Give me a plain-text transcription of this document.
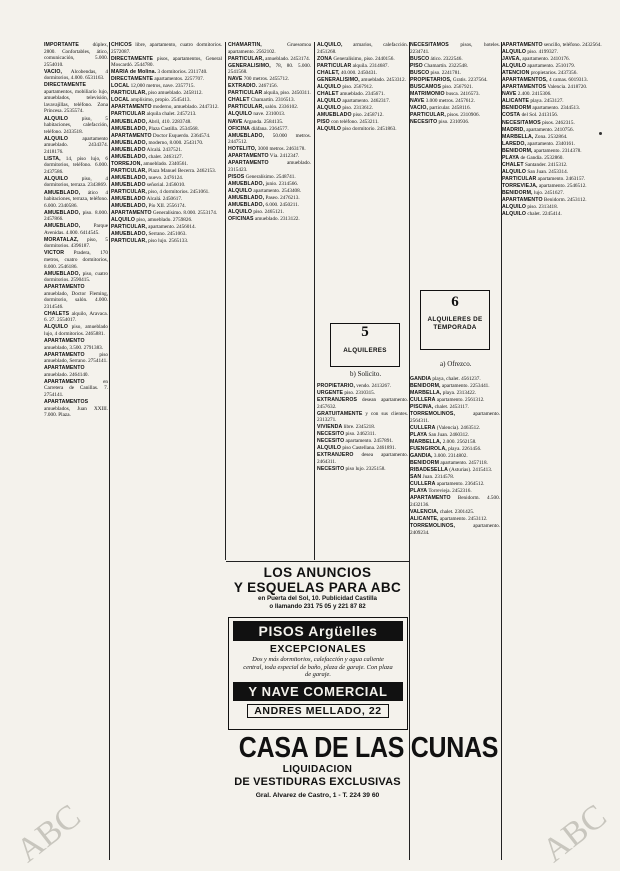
IMPORTANTE	dúplex, 2800. Confortables, ático, comunicación, 5.000. 2554010.

VACIO, Alcobendas, 4 dormitorios, 4.000. 6531163.

DIRECTAMENTE apartamentos, mobiliario lujo, amueblados, televisión, lavavajillas, teléfono. Zona Princesa. 2535574.

ALQUILO	piso, 5 habitaciones, calefacción, teléfono. 2433518.

ALQUILO	apartamento amueblado. 2434374. 2418176.

LISTA, 14, piso lujo, 6 dormitorios, teléfono. 6.000. 2437586.

ALQUILO	piso, 4 dormitorios, terraza. 2343869.

AMUEBLADO, ático 4 habitaciones, terraza, teléfono. 6.000. 2340586.

AMUEBLADO, piso. 8.000. 2457866.

AMUEBLADO,	Parque Avenidas. 4.000. 6414545.

MORATALAZ, piso, 5 dormitorios. 4396187.

VICTOR Pradera, 170 metros, cuatro dormitorios, 8.000. 2546186.

AMUEBLADO, piso, cuatro dormitorios. 2590415.

APARTAMENTO amueblado, Doctor Fleming, dormitorio, salón. 4.000. 2314546.

CHALETS alquilo, Aravaca. 6. 27. 2554017.

ALQUILO piso, amueblado lujo, 4 dormitorios. 2465881.

APARTAMENTO amueblado, 3.500. 2791383.

APARTAMENTO	piso amueblado, Serrano. 2754141.

APARTAMENTO amueblado. 2464140.

APARTAMENTO	en Carretera de Canillas. 7. 2754141.

APARTAMENTOS amueblados, Juan XXIII. 7.000. Plaza.

CHICOS libre, apartamento, cuatro dormitorios. 2572087.

DIRECTAMENTE pisos, apartamentos, General Moscardó. 2544780.

MARIA de Molina. 3 dormitorios. 2311740.

DIRECTAMENTE apartamentos. 2257707.

LOCAL 12,000 metros, nave. 2357715.

PARTICULAR, piso amueblado. 2458112.

LOCAL amplísimo, propio. 2545413.

APARTAMENTO moderno, amueblado. 2447312.

PARTICULAR alquila chalet. 2457213.

AMUEBLADO, Abril, 410. 2283748.

AMUEBLADO, Plaza Castilla. 2534568.

APARTAMENTO Doctor Esquerdo. 2364574.

AMUEBLADO, moderno, 8.000. 2543170.

AMUEBLADO Alcalá. 2437521.

AMUEBLADO, chalet. 2463127.

TORREJON, amueblado. 2340561.

PARTICULAR, Plaza Manuel Becerra. 2462153.

AMUEBLADO, nuevo. 2476124.

AMUEBLADO señorial. 2456010.

PARTICULAR, piso, 4 dormitorios. 2451061.

AMUEBLADO Alcalá. 2450617.

AMUEBLADO, Pío XII. 2556174.

APARTAMENTO Generalísimo. 8.000. 2553174.

ALQUILO piso, amueblado. 2759826.

PARTICULAR, apartamento. 2456014.

AMUEBLADO, Serrano. 2451063.

PARTICULAR, piso lujo. 2565133.

CHAMARTIN,	Gruesomoa apartamento. 2562102.

PARTICULAR, amueblado. 2453174.

GENERALISIMO, 78, 80. 5.000. 2541568.

NAVE 700 metros. 2455712.

EXTRADIO. 2467156.

PARTICULAR alquila, piso. 2450311.

CHALET Chamartín. 2316513.

PARTICULAR, salón. 2336102.

ALQUILO nave. 2310013.

NAVE Arganda. 2584135.

OFICINA diáfana. 2364577.

AMUEBLADO, 50.000 metros. 2447512.

HOTELITO, 3000 metros. 2463178.

APARTAMENTO Vía. 2412347.

APARTAMENTO	amueblado. 2315423.

PISOS Generalísimo. 2548741.

AMUEBLADO, junio. 2314566.

ALQUILO apartamento. 2543408.

AMUEBLADO, Paseo. 2476213.

AMUEBLADO, 6.000. 2450211.

ALQUILO piso. 2465121.

OFICINAS amueblado. 2313122.

ALQUILO, armarios, calefacción. 2451268.

ZONA Generalísimo, piso. 2440156.

PARTICULAR alquila. 2314687.

CHALET, 40.000. 2450431.

GENERALISIMO, amueblado. 2453312.

ALQUILO piso. 2567912.

CHALET amueblado. 2345671.

ALQUILO apartamento. 2462317.

ALQUILO piso. 2313612.

AMUEBLADO piso. 2458712.

PISO con teléfono. 2453211.

ALQUILO piso dormitorio. 2451863.

PROPIETARIO, vendo. 2413267.

URGENTE piso. 2310315.

EXTRANJEROS desean apartamento. 2457632.

GRATUITAMENTE y con sus clientes. 2313271.

VIVIENDA libre. 2345218.

NECESITO piso. 2462311.

NECESITO apartamento. 2457891.

ALQUILO piso Castellana. 2461891.

EXTRANJERO desea apartamento. 2464311.

NECESITO piso lujo. 2325158.

NECESITAMOS pisos, hoteles. 2234741.

BUSCO ático. 2322546.

PISO Chamartín. 2322548.

BUSCO piso. 2241781.

PROPIETARIOS, Gratis. 2237564.

BUSCAMOS piso. 2567921.

MATRIMONIO busca. 2416573.

NAVE 3.000 metros. 2457612.

VACIO, particular. 2458116.

PARTICULAR, pisos. 2310906.

NECESITO piso. 2310936.

GANDIA playa, chalet. 4561237.

BENIDORM, apartamento. 2253441.

MARBELLA, playa. 2313422.

CULLERA apartamento. 2561312.

PISCINA, chalet. 2453117.

TORREMOLINOS,	apartamento. 2564311.

CULLERA (Valencia). 2463512.

PLAYA San Juan. 2460312.

MARBELLA, 2.000. 2562158.

FUENGIROLA, playa. 2261456.

GANDIA, 3.000. 2314802.

BENIDORM apartamento. 2457118.

RIBADESELLA (Asturias). 2415413.

SAN Juan. 2314578.

CULLERA apartamento. 2364512.

PLAYA Torrevieja. 2452316.

APARTAMENTO Benidorm. 4.500. 2432136.

VALENCIA, chalet. 2301425.

ALICANTE, apartamento. 2453112.

TORREMOLINOS,	apartamento. 2409234.

APARTAMENTO sencillo, teléfono. 2432564.

ALQUILO piso. 4199327.

JAVEA, apartamento. 2410176.

ALQUILO apartamento. 2510179.

ATENCION propietarios. 2437356.

APARTAMENTOS, 4 camas. 6019313.

APARTAMENTOS Valencia. 2418720.

NAVE 2.400. 2415306.

ALICANTE playa. 2453127.

BENIDORM apartamento. 2344513.

COSTA del Sol. 2413156.

NECESITAMOS pisos. 2462315.

MADRID, apartamento. 2410756.

MARBELLA, Zona. 2532864.

LAREDO, apartamento. 2340161.

BENIDORM, apartamento. 2314378.

PLAYA de Gandía. 2532860.

CHALET Santander. 2415312.

ALQUILO San Juan. 2453314.

PARTICULAR apartamento. 2463157.

TORREVIEJA, apartamento. 2546512.

BENIDORM, lujo. 2451627.

APARTAMENTO Benidorm. 2453112.

ALQUILO piso. 2313418.

ALQUILO chalet. 2245414.

5
ALQUILERES
b) Solicito.
6
ALQUILERES DE TEMPORADA
a) Ofrezco.
LOS ANUNCIOS
Y ESQUELAS PARA ABC
en Puerta del Sol, 10. Publicidad Castilla
o llamando 231 75 05 y 221 87 82
PISOS Argüelles
EXCEPCIONALES
Dos y más dormitorios, calefacción y agua caliente central, toda especial de baño, plaza de garaje. Con plaza de garaje.
Y NAVE COMERCIAL
ANDRES MELLADO, 22
CASA DE LAS CUNAS
LIQUIDACION
DE VESTIDURAS EXCLUSIVAS
Gral. Alvarez de Castro, 1 - T. 224 39 60
ABC	ABC
